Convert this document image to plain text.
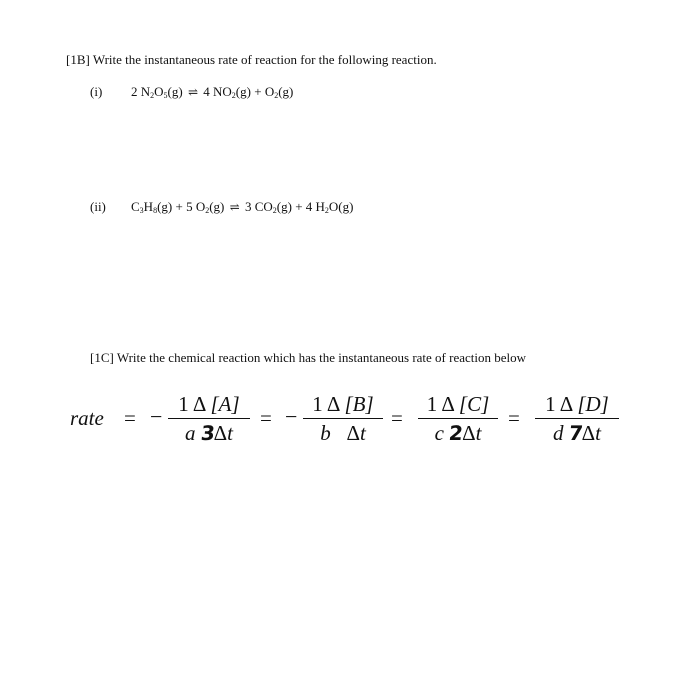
[1B] Write the instantaneous rate of reaction for the following reaction.
(i) 2 $N_2O_5(g)$ ⇌ 4 $NO_2(g) + O_2(g)$
(ii) $C_3H_8(g) + 5$ $O_2(g)$ ⇌ 3 $CO_2(g) + 4$ $H_2O(g)$
[1C] Write the chemical reaction which has the instantaneous rate of reaction below
rate = − 1 Δ [A]
a 3Δt
= − 1 Δ [B]
b Δt
=
1 Δ [C]
c 2Δt
=
1 Δ [D]
d 7Δt
